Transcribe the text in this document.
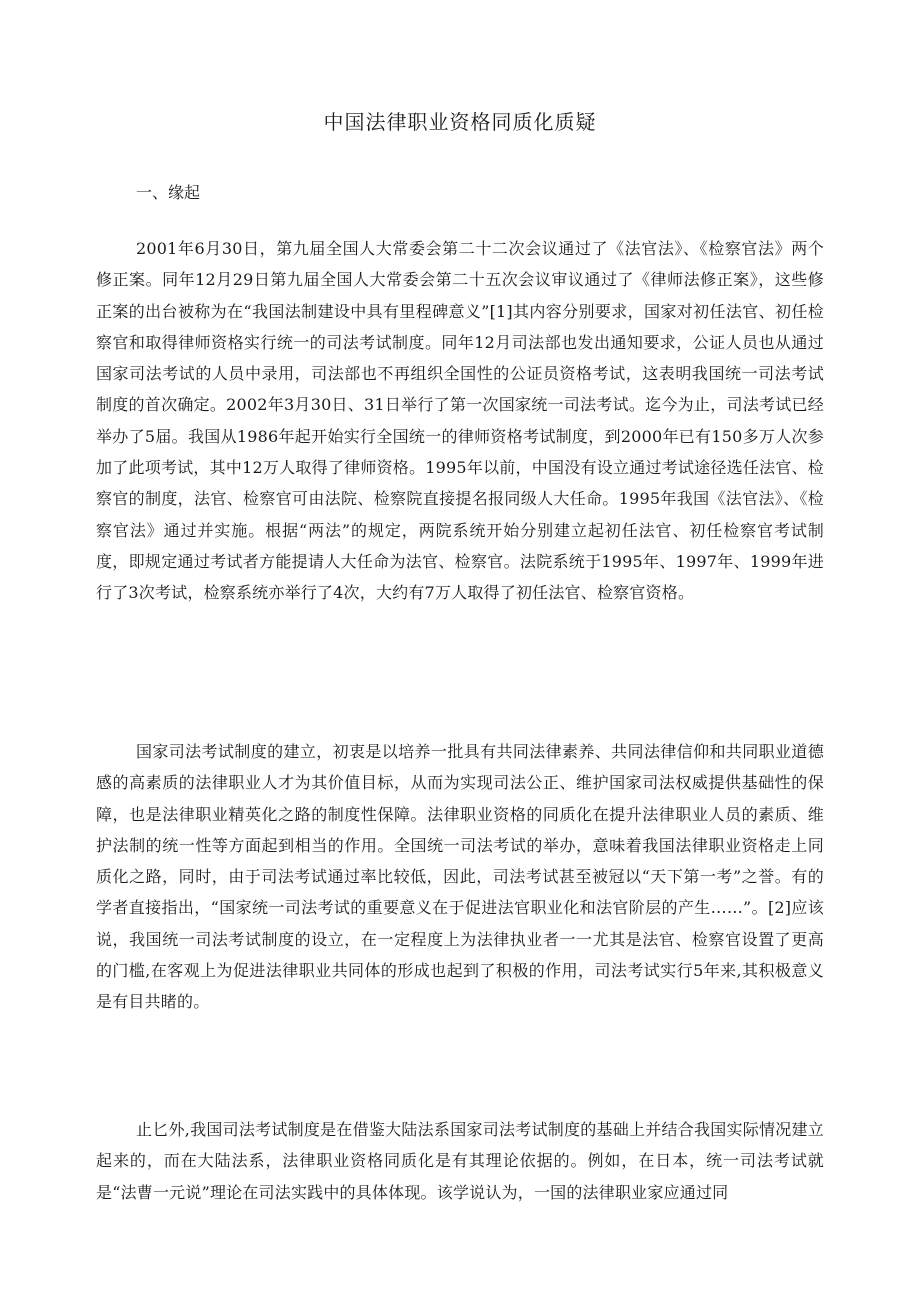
中国法律职业资格同质化质疑
一、缘起

2001年6月30日，第九届全国人大常委会第二十二次会议通过了《法官法》、《检察官法》两个修正案。同年12月29日第九届全国人大常委会第二十五次会议审议通过了《律师法修正案》，这些修正案的出台被称为在“我国法制建设中具有里程碑意义”[1]其内容分别要求，国家对初任法官、初任检察官和取得律师资格实行统一的司法考试制度。同年12月司法部也发出通知要求，公证人员也从通过国家司法考试的人员中录用，司法部也不再组织全国性的公证员资格考试，这表明我国统一司法考试制度的首次确定。2002年3月30日、31日举行了第一次国家统一司法考试。迄今为止，司法考试已经举办了5届。我国从1986年起开始实行全国统一的律师资格考试制度，到2000年已有150多万人次参加了此项考试，其中12万人取得了律师资格。1995年以前，中国没有设立通过考试途径选任法官、检察官的制度，法官、检察官可由法院、检察院直接提名报同级人大任命。1995年我国《法官法》、《检察官法》通过并实施。根据“两法”的规定，两院系统开始分别建立起初任法官、初任检察官考试制度，即规定通过考试者方能提请人大任命为法官、检察官。法院系统于1995年、1997年、1999年进行了3次考试，检察系统亦举行了4次，大约有7万人取得了初任法官、检察官资格。

国家司法考试制度的建立，初衷是以培养一批具有共同法律素养、共同法律信仰和共同职业道德感的高素质的法律职业人才为其价值目标，从而为实现司法公正、维护国家司法权威提供基础性的保障，也是法律职业精英化之路的制度性保障。法律职业资格的同质化在提升法律职业人员的素质、维护法制的统一性等方面起到相当的作用。全国统一司法考试的举办，意味着我国法律职业资格走上同质化之路，同时，由于司法考试通过率比较低，因此，司法考试甚至被冠以“天下第一考”之誉。有的学者直接指出，“国家统一司法考试的重要意义在于促进法官职业化和法官阶层的产生……”。[2]应该说，我国统一司法考试制度的设立，在一定程度上为法律执业者一一尤其是法官、检察官设置了更高的门槛,在客观上为促进法律职业共同体的形成也起到了积极的作用，司法考试实行5年来,其积极意义是有目共睹的。

止匕外,我国司法考试制度是在借鉴大陆法系国家司法考试制度的基础上并结合我国实际情况建立起来的，而在大陆法系，法律职业资格同质化是有其理论依据的。例如，在日本，统一司法考试就是“法曹一元说”理论在司法实践中的具体体现。该学说认为，一国的法律职业家应通过同
